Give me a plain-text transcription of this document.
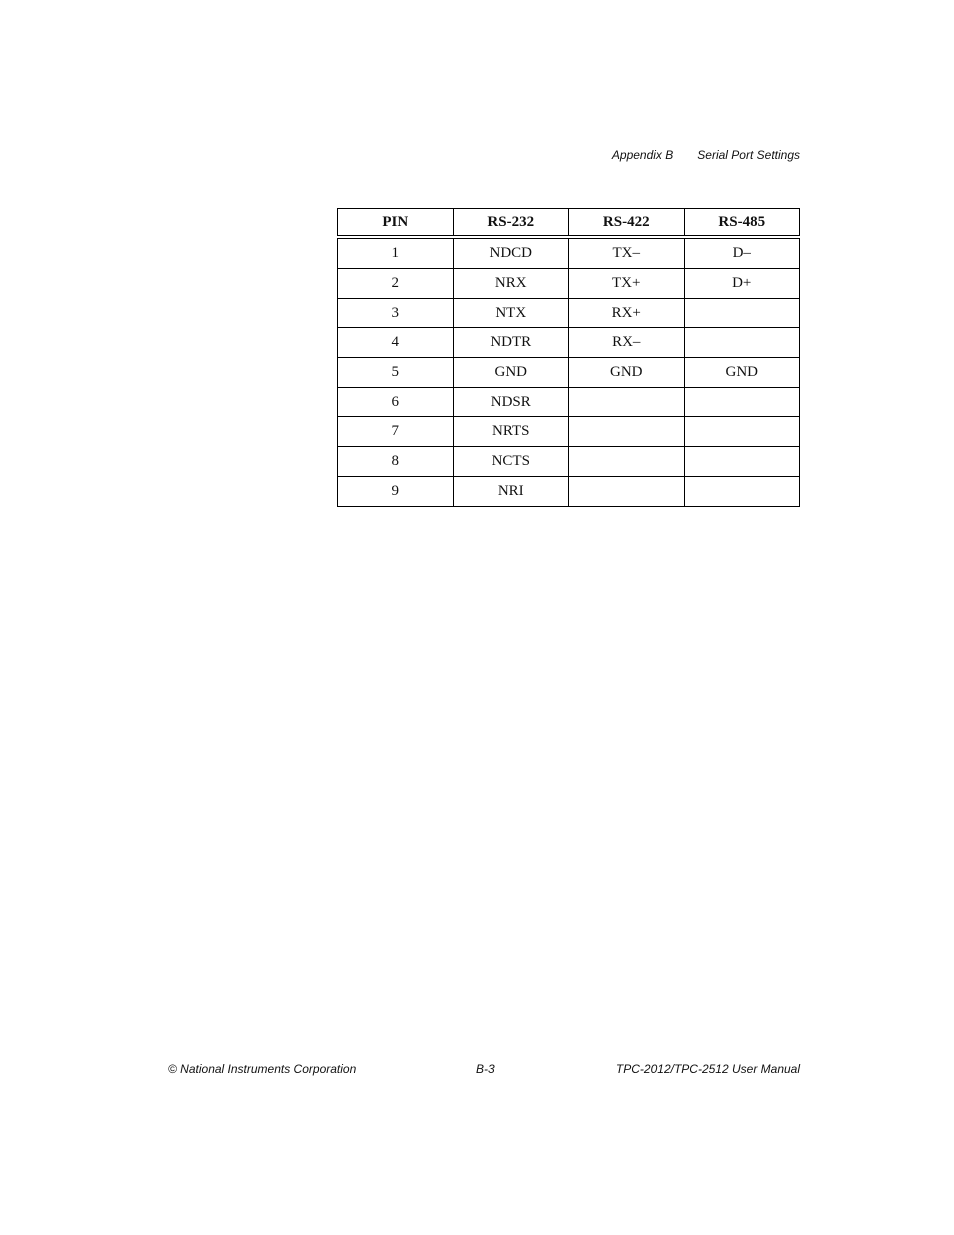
Appendix B Serial Port Settings
PIN	RS-232	RS-422	RS-485
1	NDCD	TX–	D–
2	NRX	TX+	D+
3	NTX	RX+	
4	NDTR	RX–	
5	GND	GND	GND
6	NDSR		
7	NRTS		
8	NCTS		
9	NRI		
© National Instruments Corporation	B-3	TPC-2012/TPC-2512 User Manual
